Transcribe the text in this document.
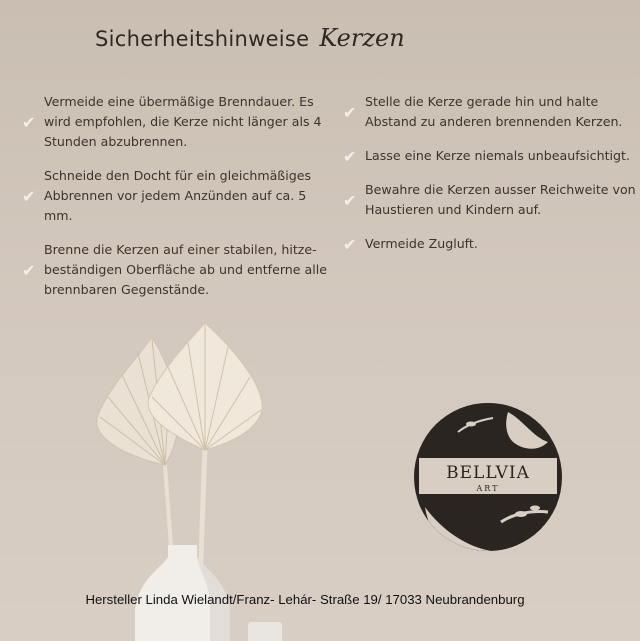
Sicherheitshinweise Kerzen
✔
Vermeide eine übermäßige Brenndauer. Es wird empfohlen, die Kerze nicht länger als 4 Stunden abzubrennen.
✔
Schneide den Docht für ein gleichmäßiges Abbrennen vor jedem Anzünden auf ca. 5 mm.
✔
Brenne die Kerzen auf einer stabilen, hitze-beständigen Oberfläche ab und entferne alle brennbaren Gegenstände.
✔
Stelle die Kerze gerade hin und halte Abstand zu anderen brennenden Kerzen.
✔ Lasse eine Kerze niemals unbeaufsichtigt.
✔
Bewahre die Kerzen ausser Reichweite von Haustieren und Kindern auf.
✔ Vermeide Zugluft.
BELLVIA
ART
Hersteller Linda Wielandt/Franz- Lehár- Straße 19/ 17033 Neubrandenburg
